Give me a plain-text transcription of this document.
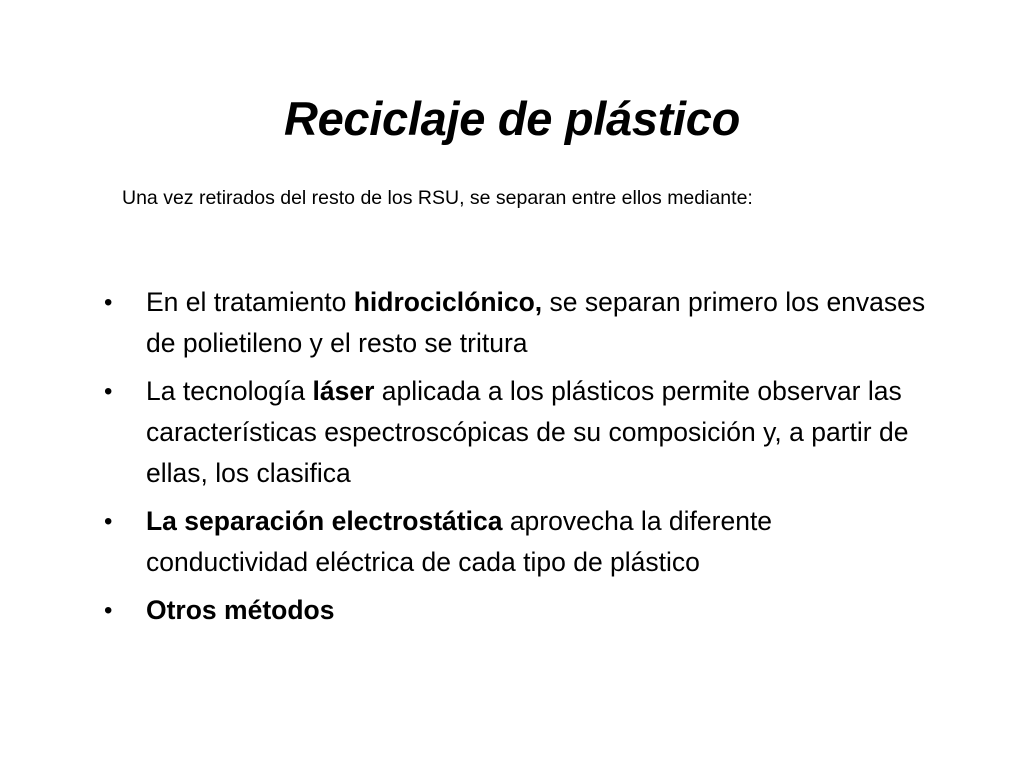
Reciclaje de plástico
Una vez retirados del resto de los RSU, se separan entre ellos mediante:
• En el tratamiento hidrociclónico, se separan primero los envases de polietileno y el resto se tritura
• La tecnología láser aplicada a los plásticos permite observar las características espectroscópicas de su composición y, a partir de ellas, los clasifica
• La separación electrostática aprovecha la diferente conductividad eléctrica de cada tipo de plástico
• Otros métodos
